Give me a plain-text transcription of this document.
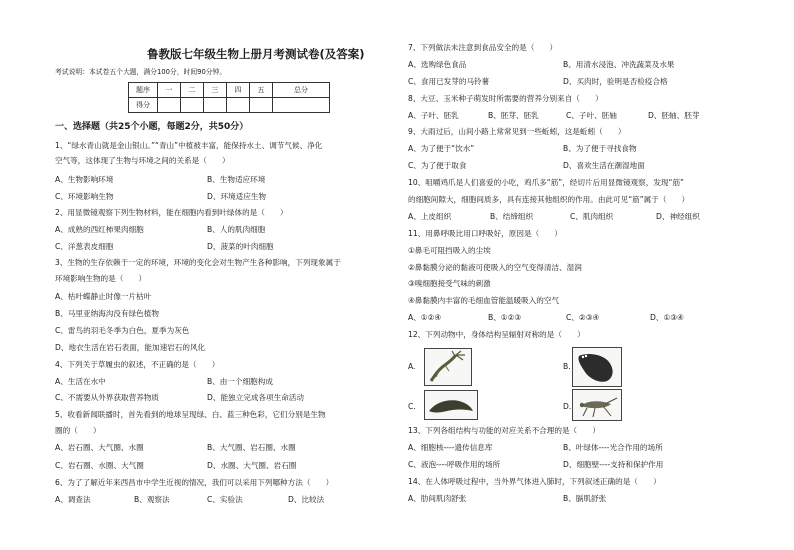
鲁教版七年级生物上册月考测试卷(及答案)
考试说明：本试卷五个大题，满分100分，时间90分钟。
题序	一	二	三	四	五	总分
得分						
一、选择题（共25个小题，每题2分，共50分）
1、“绿水青山就是金山银山。”“青山”中植被丰富，能保持水土、调节气候、净化
空气等，这体现了生物与环境之间的关系是（　　）
A、生物影响环境	B、生物适应环境
C、环境影响生物	D、环境适应生物
2、用显微镜观察下列生物材料，能在细胞内看到叶绿体的是（　　）
A、成熟的西红柿果肉细胞	B、人的肌肉细胞
C、洋葱表皮细胞	D、菠菜的叶肉细胞
3、生物的生存依赖于一定的环境，环境的变化会对生物产生各种影响，下列现象属于
环境影响生物的是（　　）
A、枯叶蝶静止时像一片枯叶
B、马里亚纳海沟没有绿色植物
C、雷鸟的羽毛冬季为白色，夏季为灰色
D、地衣生活在岩石表面，能加速岩石的风化
4、下列关于草履虫的叙述，不正确的是（　　）
A、生活在水中	B、由一个细胞构成
C、不需要从外界获取营养物质	D、能独立完成各项生命活动
5、收看新闻联播时，首先看到的地球呈现绿、白、蓝三种色彩，它们分别是生物
圈的（　　）
A、岩石圈、大气圈、水圈	B、大气圈、岩石圈、水圈
C、岩石圈、水圈、大气圈	D、水圈、大气圈、岩石圈
6、为了了解近年来西昌市中学生近视的情况，我们可以采用下列哪种方法（　　）
A、调查法	B、观察法	C、实验法	D、比较法
7、下列做法未注意到食品安全的是（　　）
A、选购绿色食品	B、用清水浸泡、冲洗蔬菜及水果
C、食用已发芽的马铃薯	D、买肉时，验明是否检疫合格
8、大豆、玉米种子萌发时所需要的营养分别来自（　　）
A、子叶、胚乳	B、胚芽、胚乳	C、子叶、胚轴	D、胚轴、胚芽
9、大雨过后，山间小路上常常见到一些蚯蚓，这是蚯蚓（　　）
A、为了便于“饮水”	B、为了便于寻找食物
C、为了便于取食	D、喜欢生活在潮湿地面
10、咀嚼鸡爪是人们喜爱的小吃，鸡爪多“筋”，经切片后用显微镜观察，发现“筋”
的细胞间隙大，细胞间质多，具有连接其他组织的作用。由此可见“筋”属于（　　）
A、上皮组织	B、结缔组织	C、肌肉组织	D、神经组织
11、用鼻呼吸比用口呼吸好，原因是（　　）
①鼻毛可阻挡吸入的尘埃
②鼻黏膜分泌的黏液可使吸入的空气变得清洁、湿润
③嗅细胞接受气味的刺激
④鼻黏膜内丰富的毛细血管能温暖吸入的空气
A、①②④	B、①②③	C、②③④	D、①③④
12、下列动物中，身体结构呈辐射对称的是（　　）
A.	B.
C.	D.
13、下列各组结构与功能的对应关系不合理的是（　　）
A、细胞核----遗传信息库	B、叶绿体----光合作用的场所
C、液泡----呼吸作用的场所	D、细胞壁----支持和保护作用
14、在人体呼吸过程中，当外界气体进入肺时，下列叙述正确的是（　　）
A、肋间肌肉舒张	B、膈肌舒张
